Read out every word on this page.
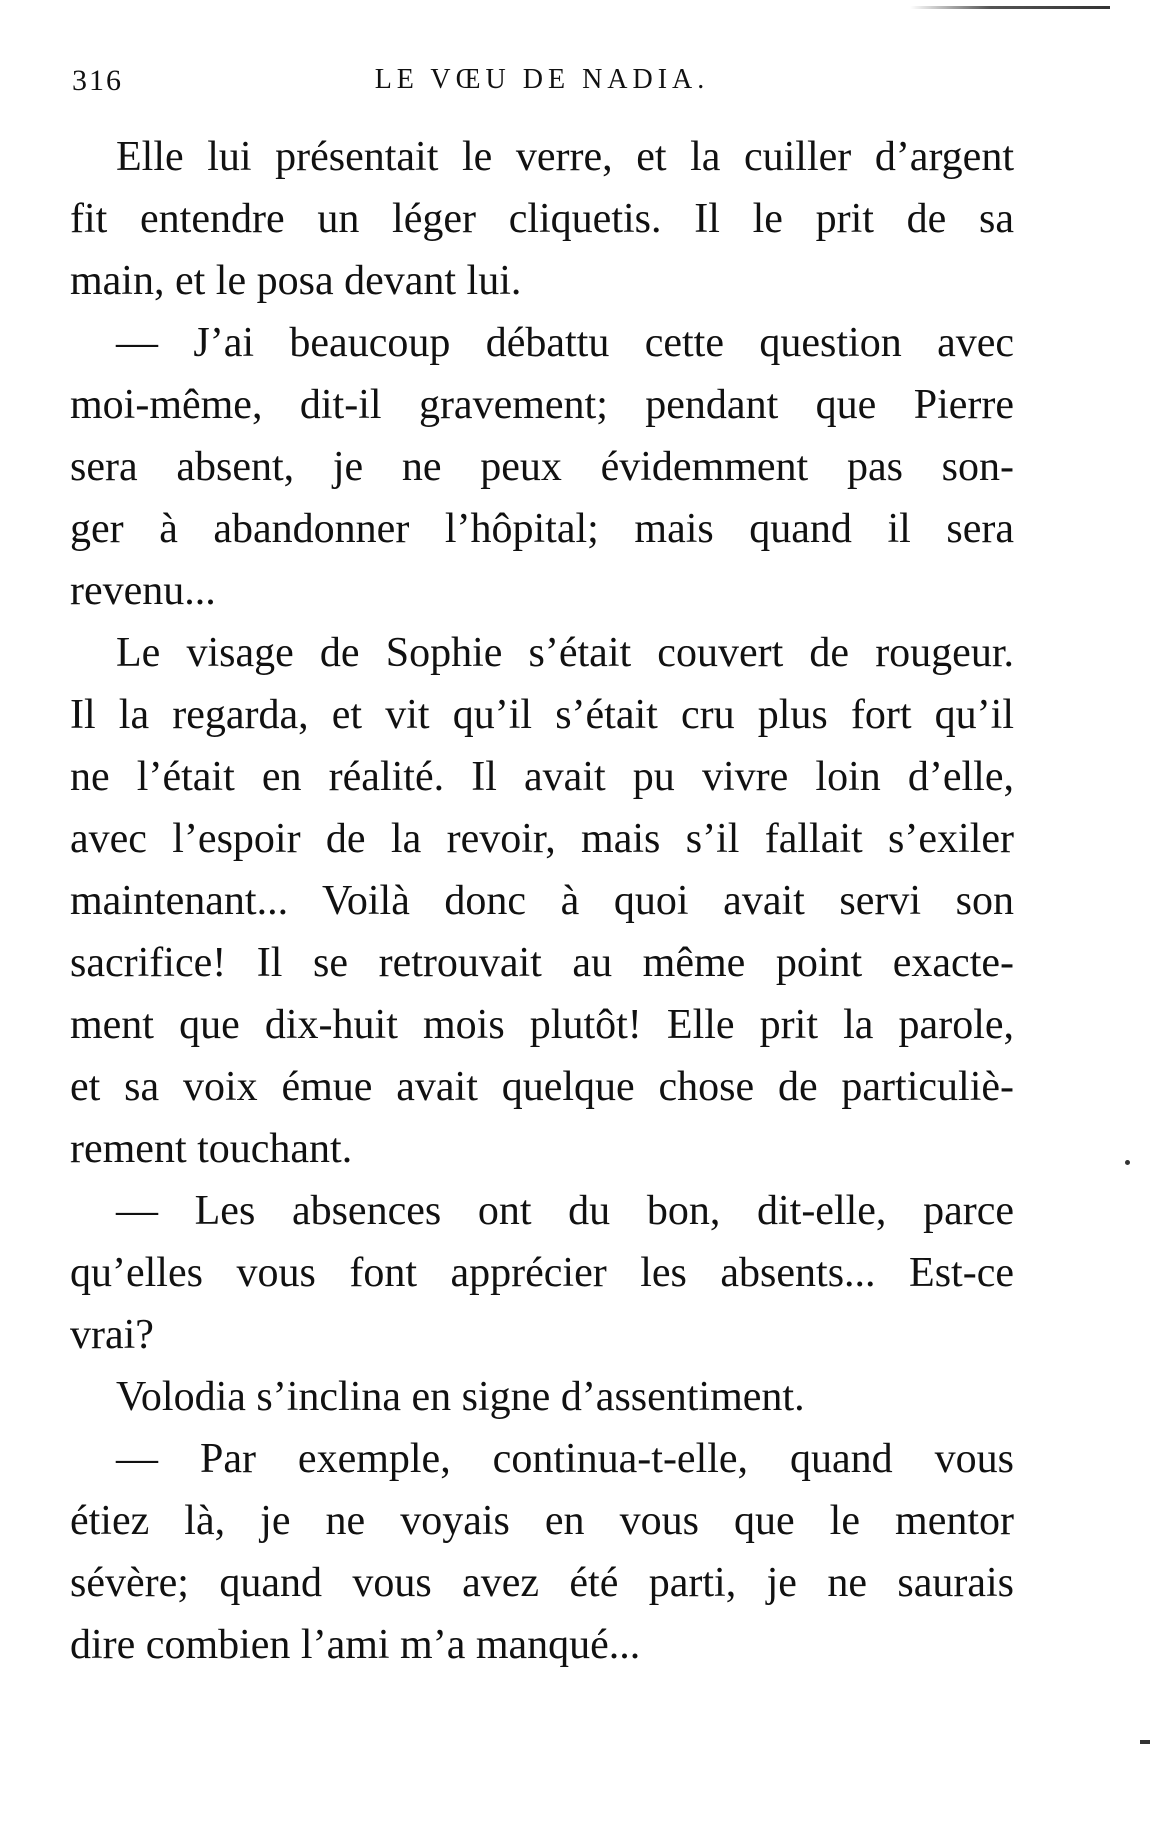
316	LE VŒU DE NADIA.
Elle lui présentait le verre, et la cuiller d’argent
fit entendre un léger cliquetis. Il le prit de sa
main, et le posa devant lui.
— J’ai beaucoup débattu cette question avec
moi-même, dit-il gravement; pendant que Pierre
sera absent, je ne peux évidemment pas son-
ger à abandonner l’hôpital; mais quand il sera
revenu...
Le visage de Sophie s’était couvert de rougeur.
Il la regarda, et vit qu’il s’était cru plus fort qu’il
ne l’était en réalité. Il avait pu vivre loin d’elle,
avec l’espoir de la revoir, mais s’il fallait s’exiler
maintenant... Voilà donc à quoi avait servi son
sacrifice! Il se retrouvait au même point exacte-
ment que dix-huit mois plutôt! Elle prit la parole,
et sa voix émue avait quelque chose de particuliè-
rement touchant.
— Les absences ont du bon, dit-elle, parce
qu’elles vous font apprécier les absents... Est-ce
vrai?
Volodia s’inclina en signe d’assentiment.
— Par exemple, continua-t-elle, quand vous
étiez là, je ne voyais en vous que le mentor
sévère; quand vous avez été parti, je ne saurais
dire combien l’ami m’a manqué...
